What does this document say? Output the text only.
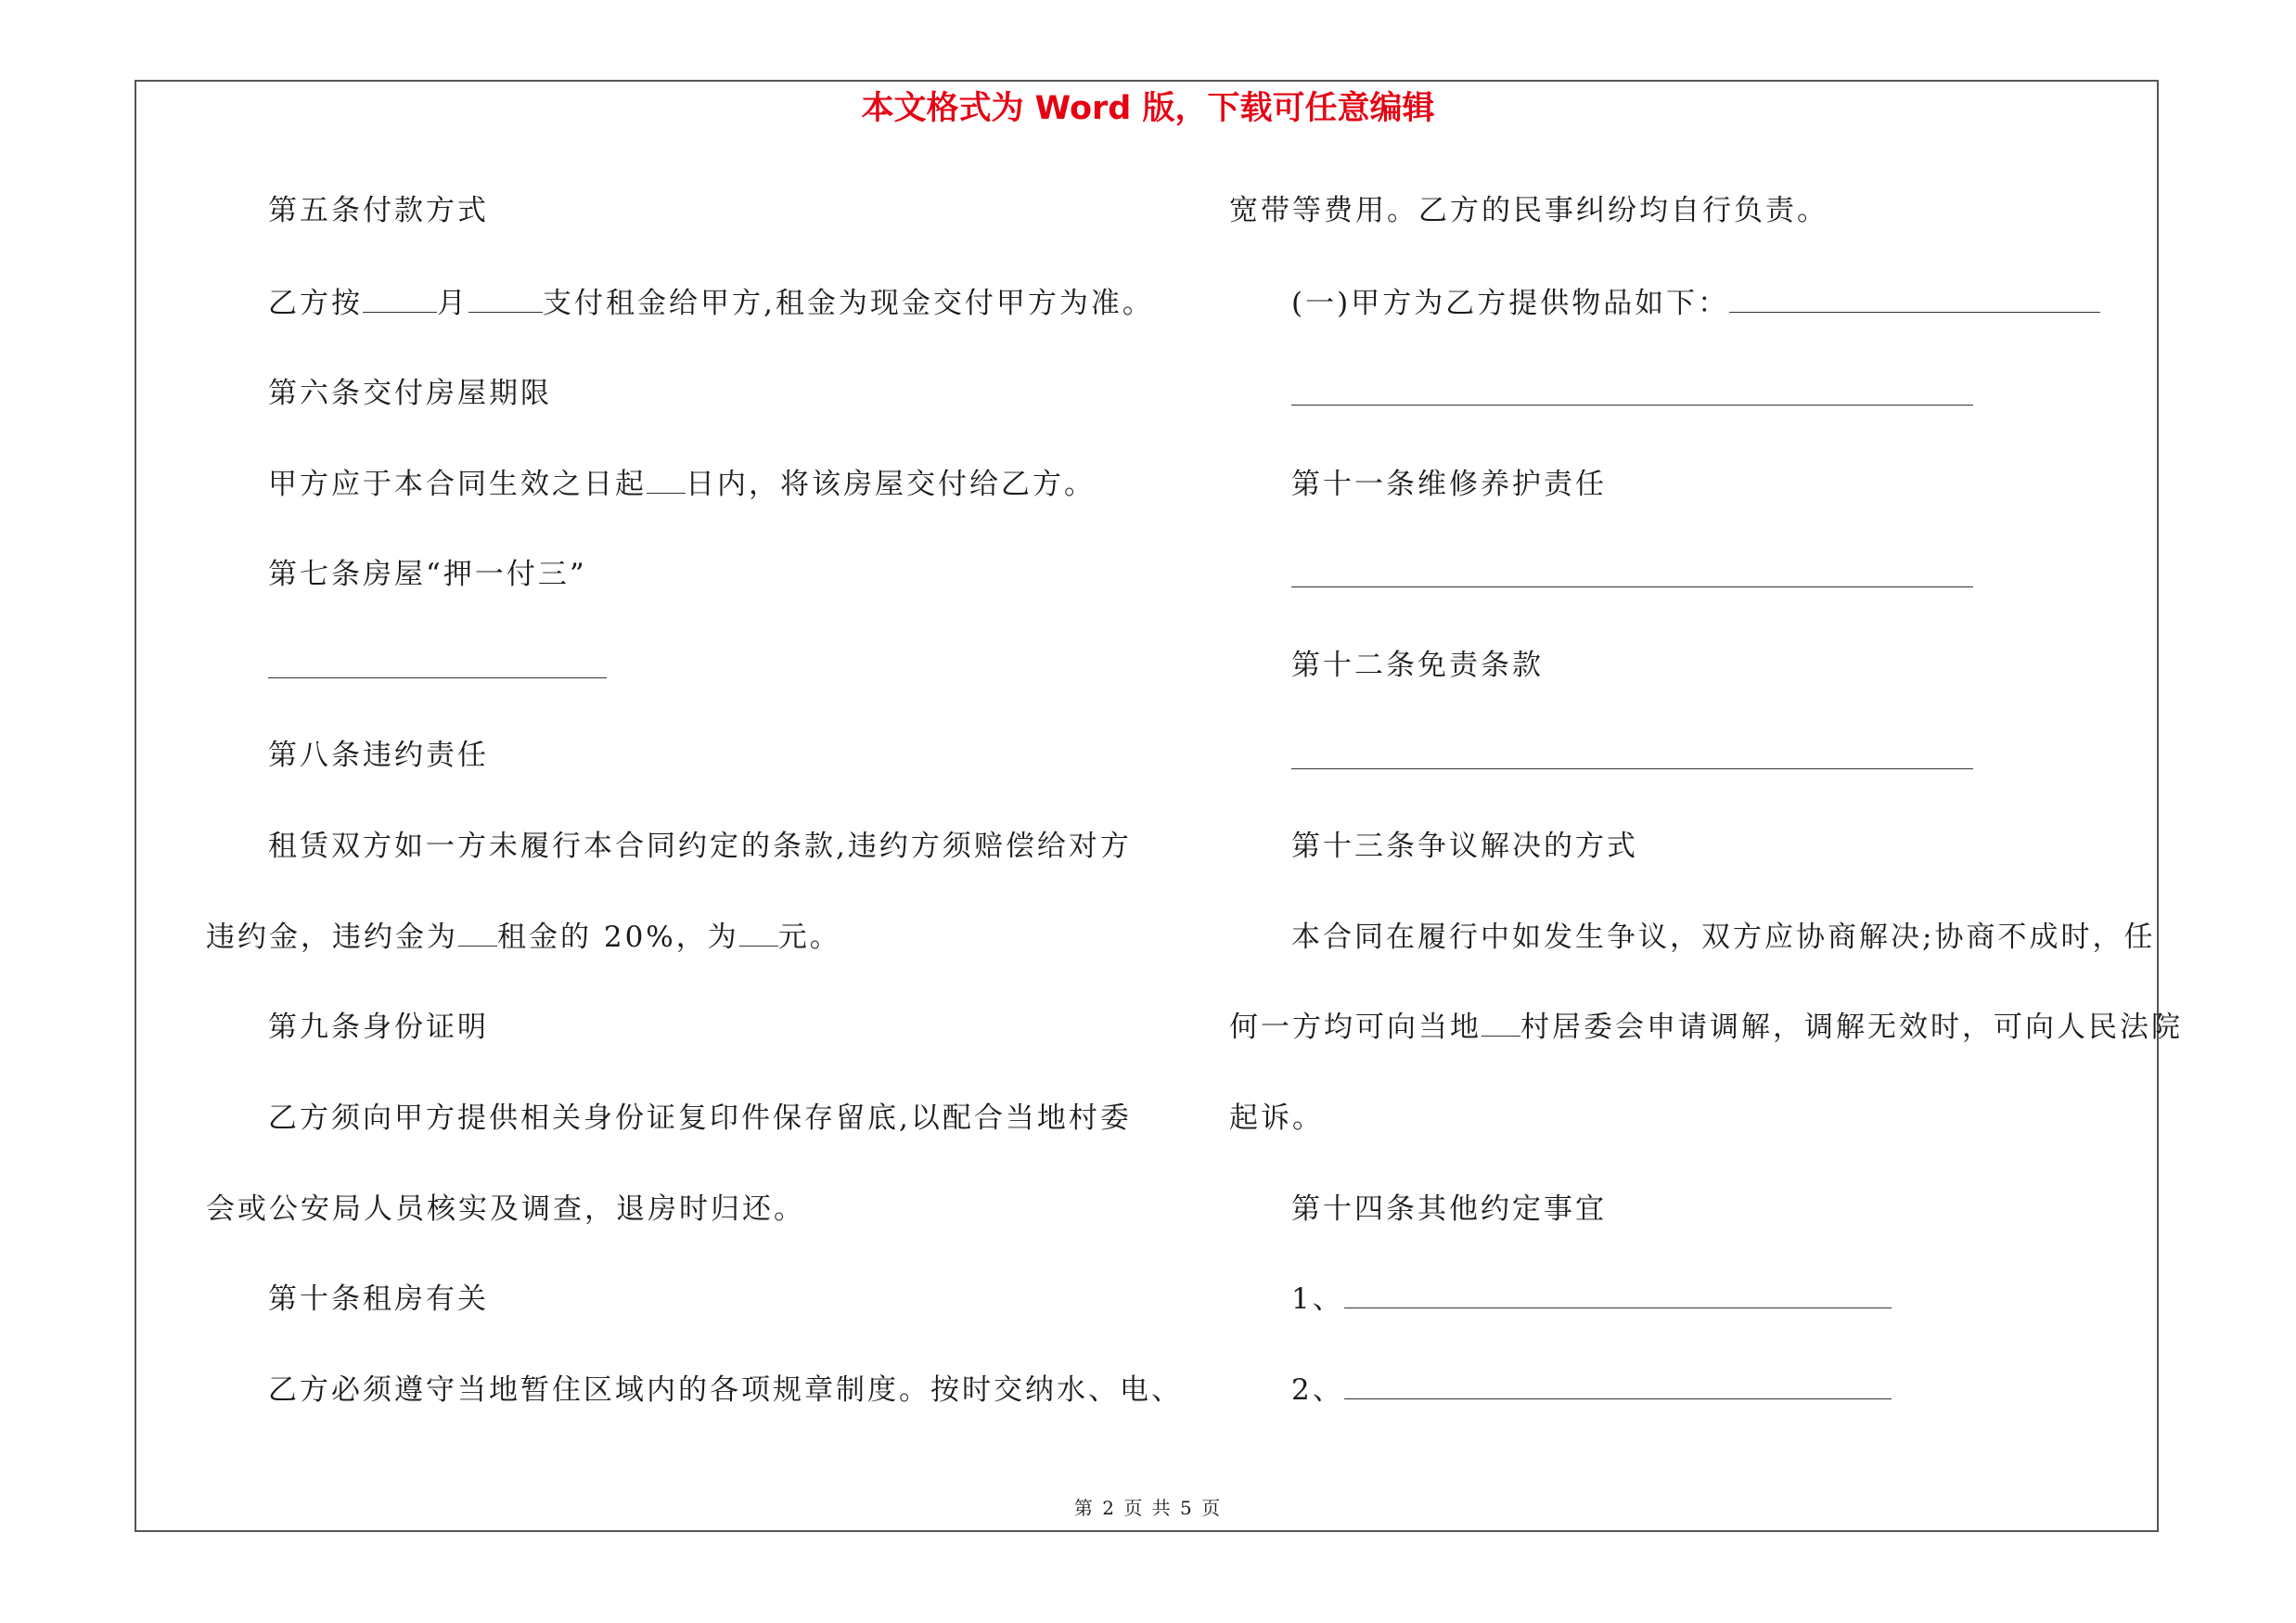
本文格式为 Word 版，下载可任意编辑
第五条付款方式
乙方按	月	支付租金给甲方,租金为现金交付甲方为准。
第六条交付房屋期限
甲方应于本合同生效之日起 日内，将该房屋交付给乙方。
第七条房屋“押一付三”
第八条违约责任
租赁双方如一方未履行本合同约定的条款,违约方须赔偿给对方
违约金，违约金为 租金的 20%，为 元。
第九条身份证明
乙方须向甲方提供相关身份证复印件保存留底,以配合当地村委
会或公安局人员核实及调查，退房时归还。
第十条租房有关
乙方必须遵守当地暂住区域内的各项规章制度。按时交纳水、电、
宽带等费用。乙方的民事纠纷均自行负责。
(一)甲方为乙方提供物品如下：
第十一条维修养护责任
第十二条免责条款
第十三条争议解决的方式
本合同在履行中如发生争议，双方应协商解决;协商不成时，任
何一方均可向当地 村居委会申请调解，调解无效时，可向人民法院
起诉。
第十四条其他约定事宜
1、
2、
第 2 页 共 5 页
